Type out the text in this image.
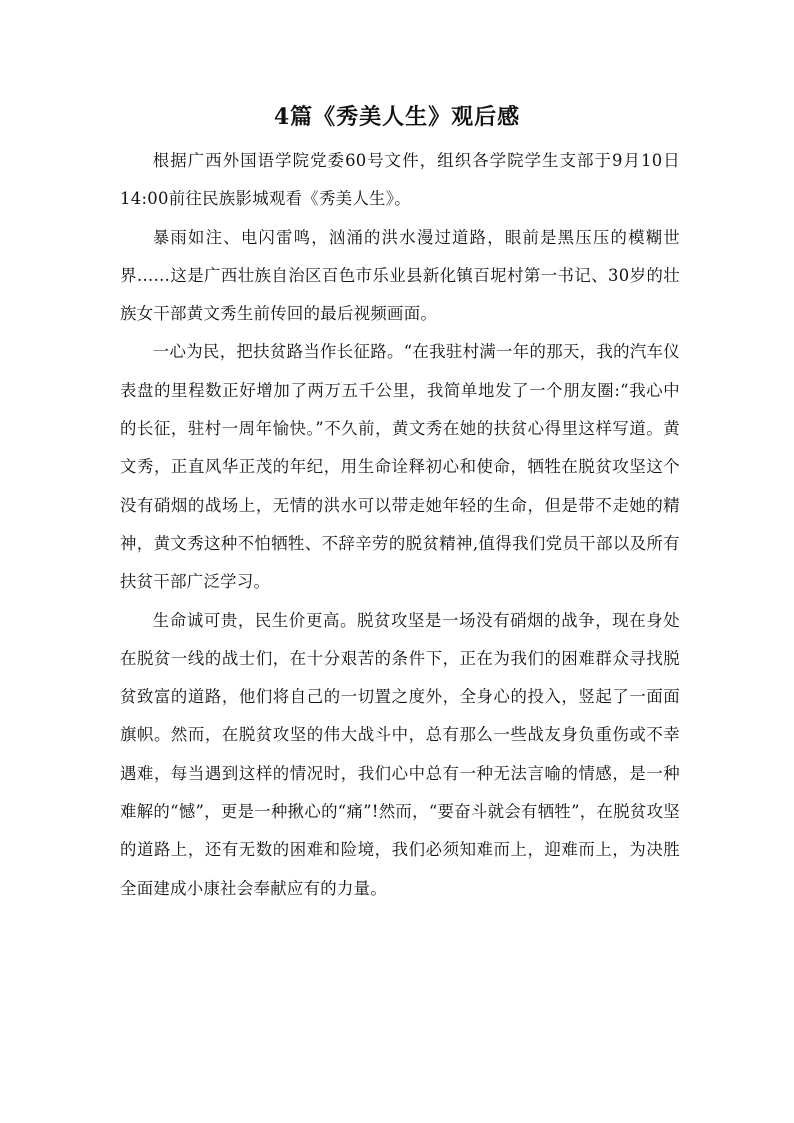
4篇《秀美人生》观后感

根据广西外国语学院党委60号文件，组织各学院学生支部于9月10日14:00前往民族影城观看《秀美人生》。

暴雨如注、电闪雷鸣，汹涌的洪水漫过道路，眼前是黑压压的模糊世界……这是广西壮族自治区百色市乐业县新化镇百坭村第一书记、30岁的壮族女干部黄文秀生前传回的最后视频画面。

一心为民，把扶贫路当作长征路。“在我驻村满一年的那天，我的汽车仪表盘的里程数正好增加了两万五千公里，我简单地发了一个朋友圈:“我心中的长征，驻村一周年愉快。”不久前，黄文秀在她的扶贫心得里这样写道。黄文秀，正直风华正茂的年纪，用生命诠释初心和使命，牺牲在脱贫攻坚这个没有硝烟的战场上，无情的洪水可以带走她年轻的生命，但是带不走她的精神，黄文秀这种不怕牺牲、不辞辛劳的脱贫精神,值得我们党员干部以及所有扶贫干部广泛学习。

生命诚可贵，民生价更高。脱贫攻坚是一场没有硝烟的战争，现在身处在脱贫一线的战士们，在十分艰苦的条件下，正在为我们的困难群众寻找脱贫致富的道路，他们将自己的一切置之度外，全身心的投入，竖起了一面面旗帜。然而，在脱贫攻坚的伟大战斗中，总有那么一些战友身负重伤或不幸遇难，每当遇到这样的情况时，我们心中总有一种无法言喻的情感，是一种难解的“憾”，更是一种揪心的“痛”!然而，“要奋斗就会有牺牲”，在脱贫攻坚的道路上，还有无数的困难和险境，我们必须知难而上，迎难而上，为决胜全面建成小康社会奉献应有的力量。
